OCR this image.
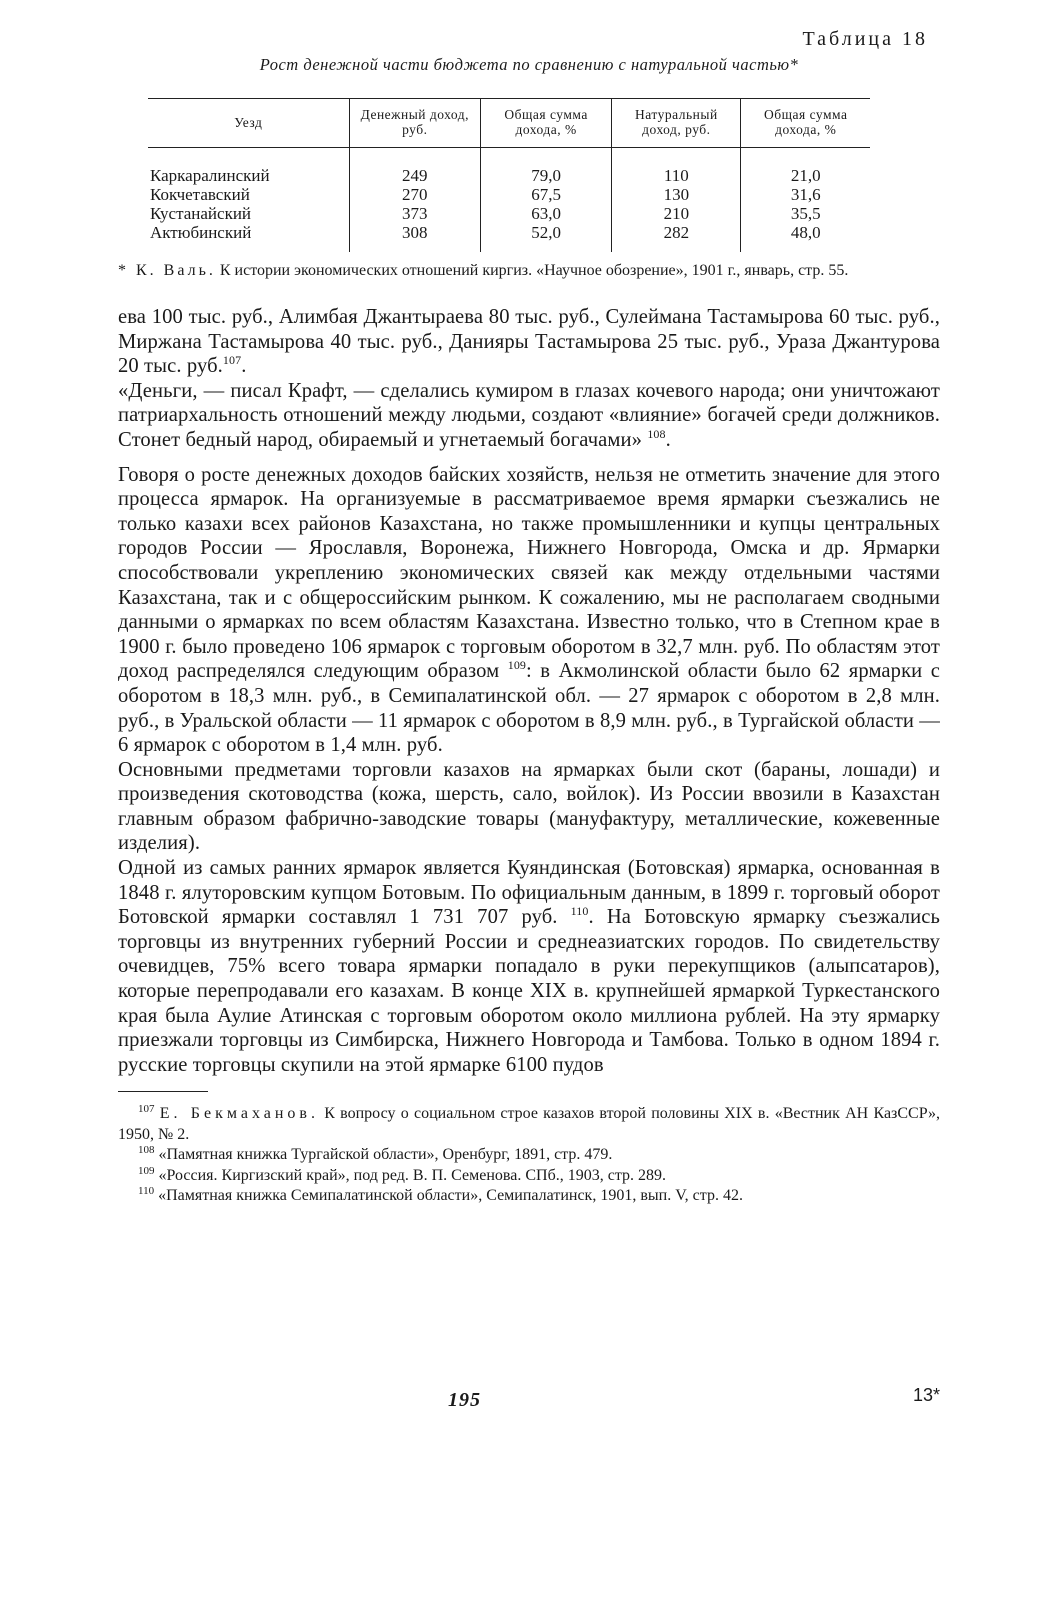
Таблица 18
Рост денежной части бюджета по сравнению с натуральной частью*
Уезд	Денежный доход, руб.	Общая сумма дохода, %	Натуральный доход, руб.	Общая сумма дохода, %
Каркаралинский	249	79,0	110	21,0
Кокчетавский	270	67,5	130	31,6
Кустанайский	373	63,0	210	35,5
Актюбинский	308	52,0	282	48,0
* К. Валь. К истории экономических отношений киргиз. «Научное обозрение», 1901 г., январь, стр. 55.

ева 100 тыс. руб., Алимбая Джантыраева 80 тыс. руб., Сулеймана Тастамырова 60 тыс. руб., Миржана Тастамырова 40 тыс. руб., Данияры Тастамырова 25 тыс. руб., Ураза Джантурова 20 тыс. руб.$^{107}$.

«Деньги, — писал Крафт, — сделались кумиром в глазах кочевого народа; они уничтожают патриархальность отношений между людьми, создают «влияние» богачей среди должников. Стонет бедный народ, обираемый и угнетаемый богачами» $^{108}$.

Говоря о росте денежных доходов байских хозяйств, нельзя не отметить значение для этого процесса ярмарок. На организуемые в рассматриваемое время ярмарки съезжались не только казахи всех районов Казахстана, но также промышленники и купцы центральных городов России — Ярославля, Воронежа, Нижнего Новгорода, Омска и др. Ярмарки способствовали укреплению экономических связей как между отдельными частями Казахстана, так и с общероссийским рынком. К сожалению, мы не располагаем сводными данными о ярмарках по всем областям Казахстана. Известно только, что в Степном крае в 1900 г. было проведено 106 ярмарок с торговым оборотом в 32,7 млн. руб. По областям этот доход распределялся следующим образом $^{109}$: в Акмолинской области было 62 ярмарки с оборотом в 18,3 млн. руб., в Семипалатинской обл. — 27 ярмарок с оборотом в 2,8 млн. руб., в Уральской области — 11 ярмарок с оборотом в 8,9 млн. руб., в Тургайской области — 6 ярмарок с оборотом в 1,4 млн. руб.

Основными предметами торговли казахов на ярмарках были скот (бараны, лошади) и произведения скотоводства (кожа, шерсть, сало, войлок). Из России ввозили в Казахстан главным образом фабрично-заводские товары (мануфактуру, металлические, кожевенные изделия).

Одной из самых ранних ярмарок является Куяндинская (Ботовская) ярмарка, основанная в 1848 г. ялуторовским купцом Ботовым. По официальным данным, в 1899 г. торговый оборот Ботовской ярмарки составлял 1 731 707 руб. $^{110}$. На Ботовскую ярмарку съезжались торговцы из внутренних губерний России и среднеазиатских городов. По свидетельству очевидцев, 75% всего товара ярмарки попадало в руки перекупщиков (алыпсатаров), которые перепродавали его казахам. В конце XIX в. крупнейшей ярмаркой Туркестанского края была Аулие Атинская с торговым оборотом около миллиона рублей. На эту ярмарку приезжали торговцы из Симбирска, Нижнего Новгорода и Тамбова. Только в одном 1894 г. русские торговцы скупили на этой ярмарке 6100 пудов

$^{107}$ Е. Бекмаханов. К вопросу о социальном строе казахов второй половины XIX в. «Вестник АН КазССР», 1950, № 2.

$^{108}$ «Памятная книжка Тургайской области», Оренбург, 1891, стр. 479.

$^{109}$ «Россия. Киргизский край», под ред. В. П. Семенова. СПб., 1903, стр. 289.

$^{110}$ «Памятная книжка Семипалатинской области», Семипалатинск, 1901, вып. V, стр. 42.

195	13*
